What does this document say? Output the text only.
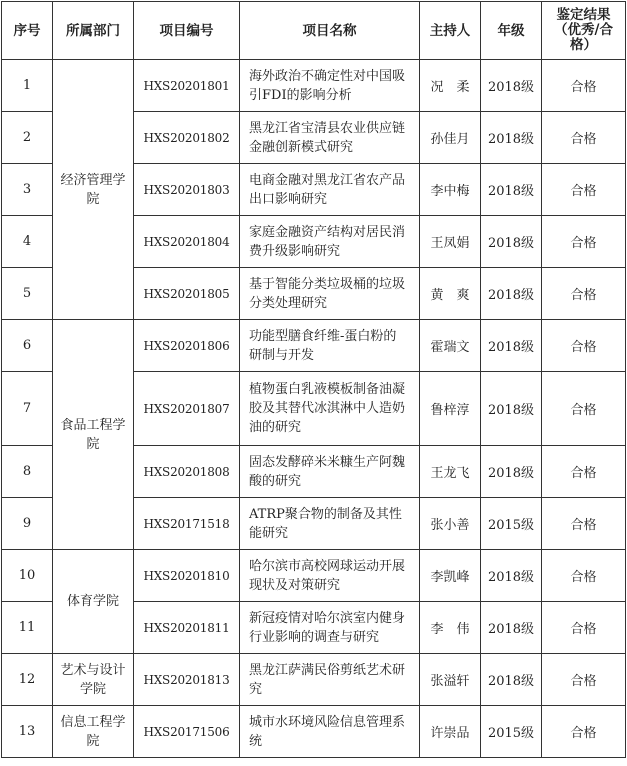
序号	所属部门	项目编号	项目名称	主持人	年级	鉴定结果（优秀/合格）
1	经济管理学院	HXS20201801	海外政治不确定性对中国吸引FDI的影响分析	况　柔	2018级	合格
2		HXS20201802	黑龙江省宝清县农业供应链金融创新模式研究	孙佳月	2018级	合格
3		HXS20201803	电商金融对黑龙江省农产品出口影响研究	李中梅	2018级	合格
4		HXS20201804	家庭金融资产结构对居民消费升级影响研究	王凤娟	2018级	合格
5		HXS20201805	基于智能分类垃圾桶的垃圾分类处理研究	黄　爽	2018级	合格
6	食品工程学院	HXS20201806	功能型膳食纤维-蛋白粉的研制与开发	霍瑞文	2018级	合格
7		HXS20201807	植物蛋白乳液模板制备油凝胶及其替代冰淇淋中人造奶油的研究	鲁梓淳	2018级	合格
8		HXS20201808	固态发酵碎米米糠生产阿魏酸的研究	王龙飞	2018级	合格
9		HXS20171518	ATRP聚合物的制备及其性能研究	张小善	2015级	合格
10	体育学院	HXS20201810	哈尔滨市高校网球运动开展现状及对策研究	李凯峰	2018级	合格
11		HXS20201811	新冠疫情对哈尔滨室内健身行业影响的调查与研究	李　伟	2018级	合格
12	艺术与设计学院	HXS20201813	黑龙江萨满民俗剪纸艺术研究	张溢轩	2018级	合格
13	信息工程学院	HXS20171506	城市水环境风险信息管理系统	许崇品	2015级	合格
